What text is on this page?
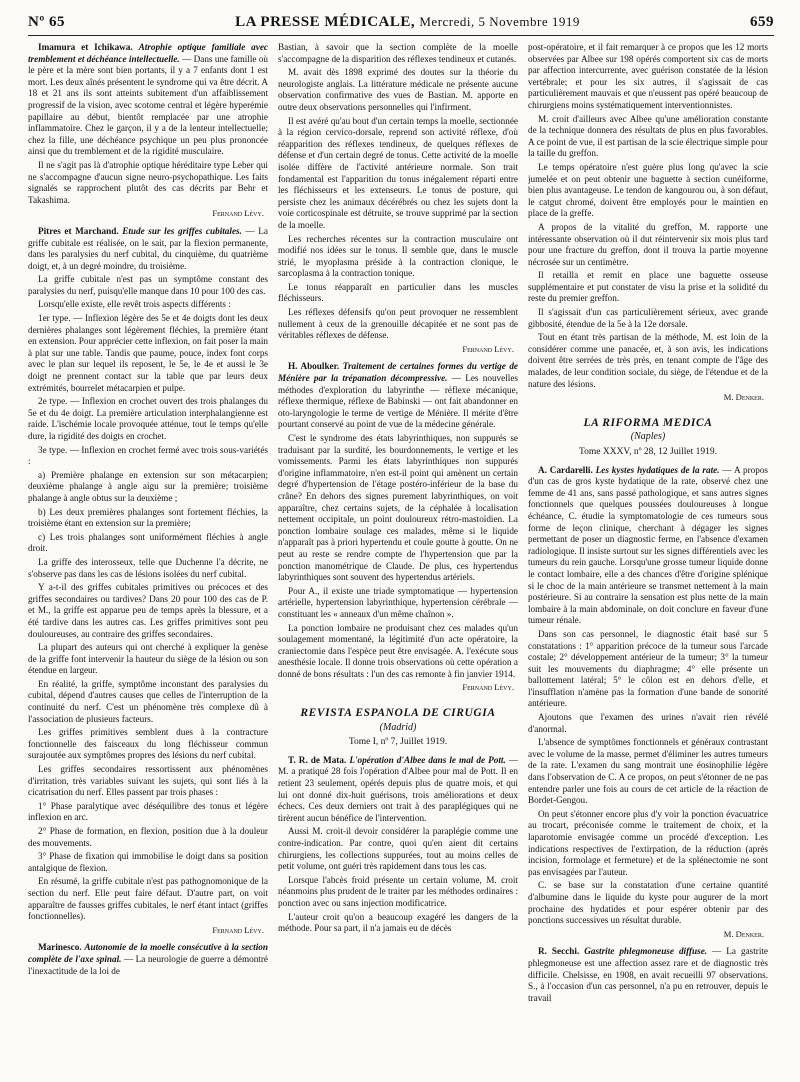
Nº 65	LA PRESSE MÉDICALE, Mercredi, 5 Novembre 1919	659

Imamura et Ichikawa. Atrophie optique familiale avec tremblement et déchéance intellectuelle. — Dans une famille où le père et la mère sont bien portants, il y a 7 enfants dont 1 est mort. Les deux aînés présentent le syndrome qui va être décrit. A 18 et 21 ans ils sont atteints subitement d'un affaiblissement progressif de la vision, avec scotome central et légère hyperémie papillaire au début, bientôt remplacée par une atrophie inflammatoire. Chez le garçon, il y a de la lenteur intellectuelle; chez la fille, une déchéance psychique un peu plus prononcée ainsi que du tremblement et de la rigidité musculaire.

Il ne s'agit pas là d'atrophie optique héréditaire type Leber qui ne s'accompagne d'aucun signe neuro-psychopathique. Les faits signalés se rapprochent plutôt des cas décrits par Behr et Takashima.

Fernand Lévy.

Pitres et Marchand. Etude sur les griffes cubitales. — La griffe cubitale est réalisée, on le sait, par la flexion permanente, dans les paralysies du nerf cubital, du cinquième, du quatrième doigt, et, à un degré moindre, du troisième.

La griffe cubitale n'est pas un symptôme constant des paralysies du nerf, puisqu'elle manque dans 10 pour 100 des cas.

Lorsqu'elle existe, elle revêt trois aspects différents :

1er type. — Inflexion légère des 5e et 4e doigts dont les deux dernières phalanges sont légèrement fléchies, la première étant en extension. Pour apprécier cette inflexion, on fait poser la main à plat sur une table. Tandis que paume, pouce, index font corps avec le plan sur lequel ils reposent, le 5e, le 4e et aussi le 3e doigt ne prennent contact sur la table que par leurs deux extrémités, bourrelet métacarpien et pulpe.

2e type. — Inflexion en crochet ouvert des trois phalanges du 5e et du 4e doigt. La première articulation interphalangienne est raide. L'ischémie locale provoquée atténue, tout le temps qu'elle dure, la rigidité des doigts en crochet.

3e type. — Inflexion en crochet fermé avec trois sous-variétés :

a) Première phalange en extension sur son métacarpien; deuxième phalange à angle aigu sur la première; troisième phalange à angle obtus sur la deuxième ;

b) Les deux premières phalanges sont fortement fléchies, la troisième étant en extension sur la première;

c) Les trois phalanges sont uniformément fléchies à angle droit.

La griffe des interosseux, telle que Duchenne l'a décrite, ne s'observe pas dans les cas de lésions isolées du nerf cubital.

Y a-t-il des griffes cubitales primitives ou précoces et des griffes secondaires ou tardives? Dans 20 pour 100 des cas de P. et M., la griffe est apparue peu de temps après la blessure, et a été tardive dans les autres cas. Les griffes primitives sont peu douloureuses, au contraire des griffes secondaires.

La plupart des auteurs qui ont cherché à expliquer la genèse de la griffe font intervenir la hauteur du siège de la lésion ou son étendue en largeur.

En réalité, la griffe, symptôme inconstant des paralysies du cubital, dépend d'autres causes que celles de l'interruption de la continuité du nerf. C'est un phénomène très complexe dû à l'association de plusieurs facteurs.

Les griffes primitives semblent dues à la contracture fonctionnelle des faisceaux du long fléchisseur commun surajoutée aux symptômes propres des lésions du nerf cubital.

Les griffes secondaires ressortissent aux phénomènes d'irritation, très variables suivant les sujets, qui sont liés à la cicatrisation du nerf. Elles passent par trois phases :

1° Phase paralytique avec déséquilibre des tonus et légère inflexion en arc.

2° Phase de formation, en flexion, position due à la douleur des mouvements.

3° Phase de fixation qui immobilise le doigt dans sa position antalgique de flexion.

En résumé, la griffe cubitale n'est pas pathognomonique de la section du nerf. Elle peut faire défaut. D'autre part, on voit apparaître de fausses griffes cubitales, le nerf étant intact (griffes fonctionnelles).

Fernand Lévy.

Marinesco. Autonomie de la moelle consécutive à la section complète de l'axe spinal. — La neurologie de guerre a démontré l'inexactitude de la loi de

Bastian, à savoir que la section complète de la moelle s'accompagne de la disparition des réflexes tendineux et cutanés.

M. avait dès 1898 exprimé des doutes sur la théorie du neurologiste anglais. La littérature médicale ne présente aucune observation confirmative des vues de Bastian. M. apporte en outre deux observations personnelles qui l'infirment.

Il est avéré qu'au bout d'un certain temps la moelle, sectionnée à la région cervico-dorsale, reprend son activité réflexe, d'où réapparition des réflexes tendineux, de quelques réflexes de défense et d'un certain degré de tonus. Cette activité de la moelle isolée diffère de l'activité antérieure normale. Son trait fondamental est l'apparition du tonus inégalement réparti entre les fléchisseurs et les extenseurs. Le tonus de posture, qui persiste chez les animaux décérébrés ou chez les sujets dont la voie corticospinale est détruite, se trouve supprimé par la section de la moelle.

Les recherches récentes sur la contraction musculaire ont modifié nos idées sur le tonus. Il semble que, dans le muscle strié, le myoplasma préside à la contraction clonique, le sarcoplasma à la contraction tonique.

Le tonus réapparaît en particulier dans les muscles fléchisseurs.

Les réflexes défensifs qu'on peut provoquer ne ressemblent nullement à ceux de la grenouille décapitée et ne sont pas de véritables réflexes de défense.

Fernand Lévy.

H. Aboulker. Traitement de certaines formes du vertige de Ménière par la trépanation décompressive. — Les nouvelles méthodes d'exploration du labyrinthe — réflexe mécanique, réflexe thermique, réflexe de Babinski — ont fait abandonner en oto-laryngologie le terme de vertige de Ménière. Il mérite d'être pourtant conservé au point de vue de la médecine générale.

C'est le syndrome des états labyrinthiques, non suppurés se traduisant par la surdité, les bourdonnements, le vertige et les vomissements. Parmi les états labyrinthiques non suppurés d'origine inflammatoire, n'en est-il point qui amènent un certain degré d'hypertension de l'étage postéro-inférieur de la base du crâne? En dehors des signes purement labyrinthiques, on voit apparaître, chez certains sujets, de la céphalée à localisation nettement occipitale, un point douloureux rétro-mastoïdien. La ponction lombaire soulage ces malades, même si le liquide n'apparaît pas à priori hypertendu et coule goutte à goutte. On ne peut au reste se rendre compte de l'hypertension que par la ponction manométrique de Claude. De plus, ces hypertendus labyrinthiques sont souvent des hypertendus artériels.

Pour A., il existe une triade symptomatique — hypertension artérielle, hypertension labyrinthique, hypertension cérébrale — constituant les « anneaux d'un même chaînon ».

La ponction lombaire ne produisant chez ces malades qu'un soulagement momentané, la légitimité d'un acte opératoire, la craniectomie dans l'espèce peut être envisagée. A. l'exécute sous anesthésie locale. Il donne trois observations où cette opération a donné de bons résultats : l'un des cas remonte à fin janvier 1914.

Fernand Lévy.
REVISTA ESPANOLA DE CIRUGIA
(Madrid)
Tome I, nº 7, Juillet 1919.

T. R. de Mata. L'opération d'Albee dans le mal de Pott. — M. a pratiqué 28 fois l'opération d'Albee pour mal de Pott. Il en retient 23 seulement, opérés depuis plus de quatre mois, et qui lui ont donné dix-huit guérisons, trois améliorations et deux échecs. Ces deux derniers ont trait à des paraplégiques qui ne tirèrent aucun bénéfice de l'intervention.

Aussi M. croit-il devoir considérer la paraplégie comme une contre-indication. Par contre, quoi qu'en aient dit certains chirurgiens, les collections suppurées, tout au moins celles de petit volume, ont guéri très rapidement dans tous les cas.

Lorsque l'abcès froid présente un certain volume, M. croit néanmoins plus prudent de le traiter par les méthodes ordinaires : ponction avec ou sans injection modificatrice.

L'auteur croit qu'on a beaucoup exagéré les dangers de la méthode. Pour sa part, il n'a jamais eu de décès

post-opératoire, et il fait remarquer à ce propos que les 12 morts observées par Albee sur 198 opérés comportent six cas de morts par affection intercurrente, avec guérison constatée de la lésion vertébrale; et pour les six autres, il s'agissait de cas particulièrement mauvais et que n'eussent pas opéré beaucoup de chirurgiens moins systématiquement interventionnistes.

M. croit d'ailleurs avec Albee qu'une amélioration constante de la technique donnera des résultats de plus en plus favorables. A ce point de vue, il est partisan de la scie électrique simple pour la taille du greffon.

Le temps opératoire n'est guère plus long qu'avec la scie jumelée et on peut obtenir une baguette à section cunéiforme, bien plus avantageuse. Le tendon de kangourou ou, à son défaut, le catgut chromé, doivent être employés pour le maintien en place de la greffe.

A propos de la vitalité du greffon, M. rapporte une intéressante observation où il dut réintervenir six mois plus tard pour une fracture du greffon, dont il trouva la partie moyenne nécrosée sur un centimètre.

Il retailla et remit en place une baguette osseuse supplémentaire et put constater de visu la prise et la solidité du reste du premier greffon.

Il s'agissait d'un cas particulièrement sérieux, avec grande gibbosité, étendue de la 5e à la 12e dorsale.

Tout en étant très partisan de la méthode, M. est loin de la considérer comme une panacée, et, à son avis, les indications doivent être serrées de très près, en tenant compte de l'âge des malades, de leur condition sociale, du siège, de l'étendue et de la nature des lésions.

M. Denker.
LA RIFORMA MEDICA
(Naples)
Tome XXXV, nº 28, 12 Juillet 1919.

A. Cardarelli. Les kystes hydatiques de la rate. — A propos d'un cas de gros kyste hydatique de la rate, observé chez une femme de 41 ans, sans passé pathologique, et sans autres signes fonctionnels que quelques poussées douloureuses à longue échéance, C. étudie la symptomatologie de ces tumeurs sous forme de leçon clinique, cherchant à dégager les signes permettant de poser un diagnostic ferme, en l'absence d'examen radiologique. Il insiste surtout sur les signes différentiels avec les tumeurs du rein gauche. Lorsqu'une grosse tumeur liquide donne le contact lombaire, elle a des chances d'être d'origine splénique si le choc de la main antérieure se transmet nettement à la main postérieure. Si au contraire la sensation est plus nette de la main lombaire à la main abdominale, on doit conclure en faveur d'une tumeur rénale.

Dans son cas personnel, le diagnostic était basé sur 5 constatations : 1° apparition précoce de la tumeur sous l'arcade costale; 2° développement antérieur de la tumeur; 3° la tumeur suit les mouvements du diaphragme; 4° elle présente un ballottement latéral; 5° le côlon est en dehors d'elle, et l'insufflation n'amène pas la formation d'une bande de sonorité antérieure.

Ajoutons que l'examen des urines n'avait rien révélé d'anormal.

L'absence de symptômes fonctionnels et généraux contrastant avec le volume de la masse, permet d'éliminer les autres tumeurs de la rate. L'examen du sang montrait une éosinophilie légère dans l'observation de C. A ce propos, on peut s'étonner de ne pas entendre parler une fois au cours de cet article de la réaction de Bordet-Gengou.

On peut s'étonner encore plus d'y voir la ponction évacuatrice au trocart, préconisée comme le traitement de choix, et la laparotomie envisagée comme un procédé d'exception. Les indications respectives de l'extirpation, de la réduction (après incision, formolage et fermeture) et de la splénectomie ne sont pas envisagées par l'auteur.

C. se base sur la constatation d'une certaine quantité d'albumine dans le liquide du kyste pour augurer de la mort prochaine des hydatides et pour espérer obtenir par des ponctions successives un résultat durable.

M. Denker.

R. Secchi. Gastrite phlegmoneuse diffuse. — La gastrite phlegmoneuse est une affection assez rare et de diagnostic très difficile. Chelsisse, en 1908, en avait recueilli 97 observations. S., à l'occasion d'un cas personnel, n'a pu en retrouver, depuis le travail
